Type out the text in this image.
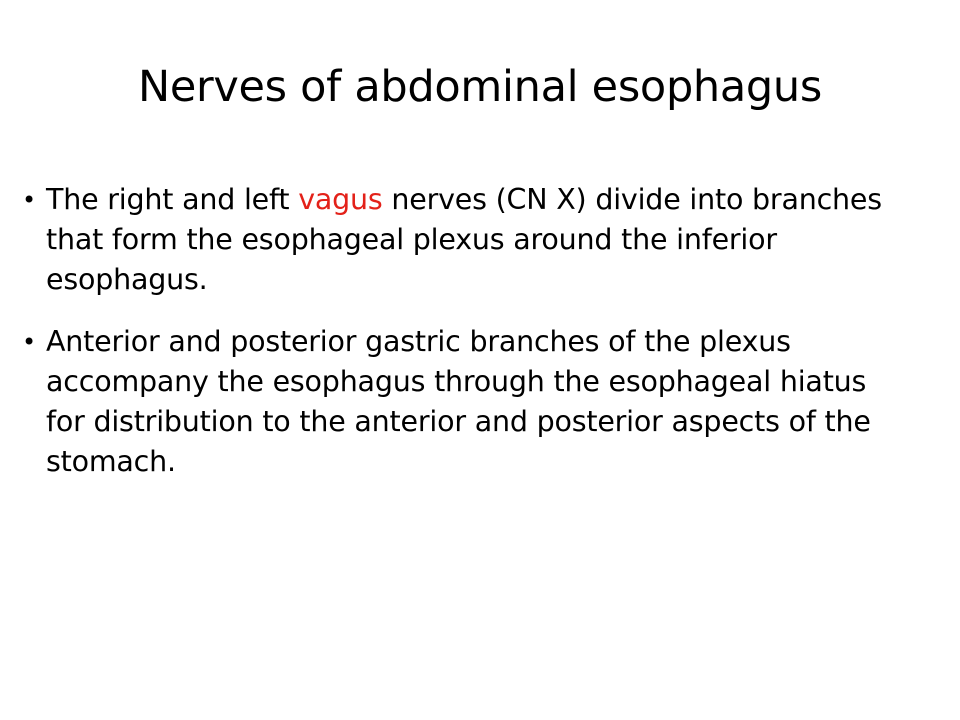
Nerves of abdominal esophagus
• The right and left vagus nerves (CN X) divide into branches that form the esophageal plexus around the inferior esophagus.
• Anterior and posterior gastric branches of the plexus accompany the esophagus through the esophageal hiatus for distribution to the anterior and posterior aspects of the stomach.
